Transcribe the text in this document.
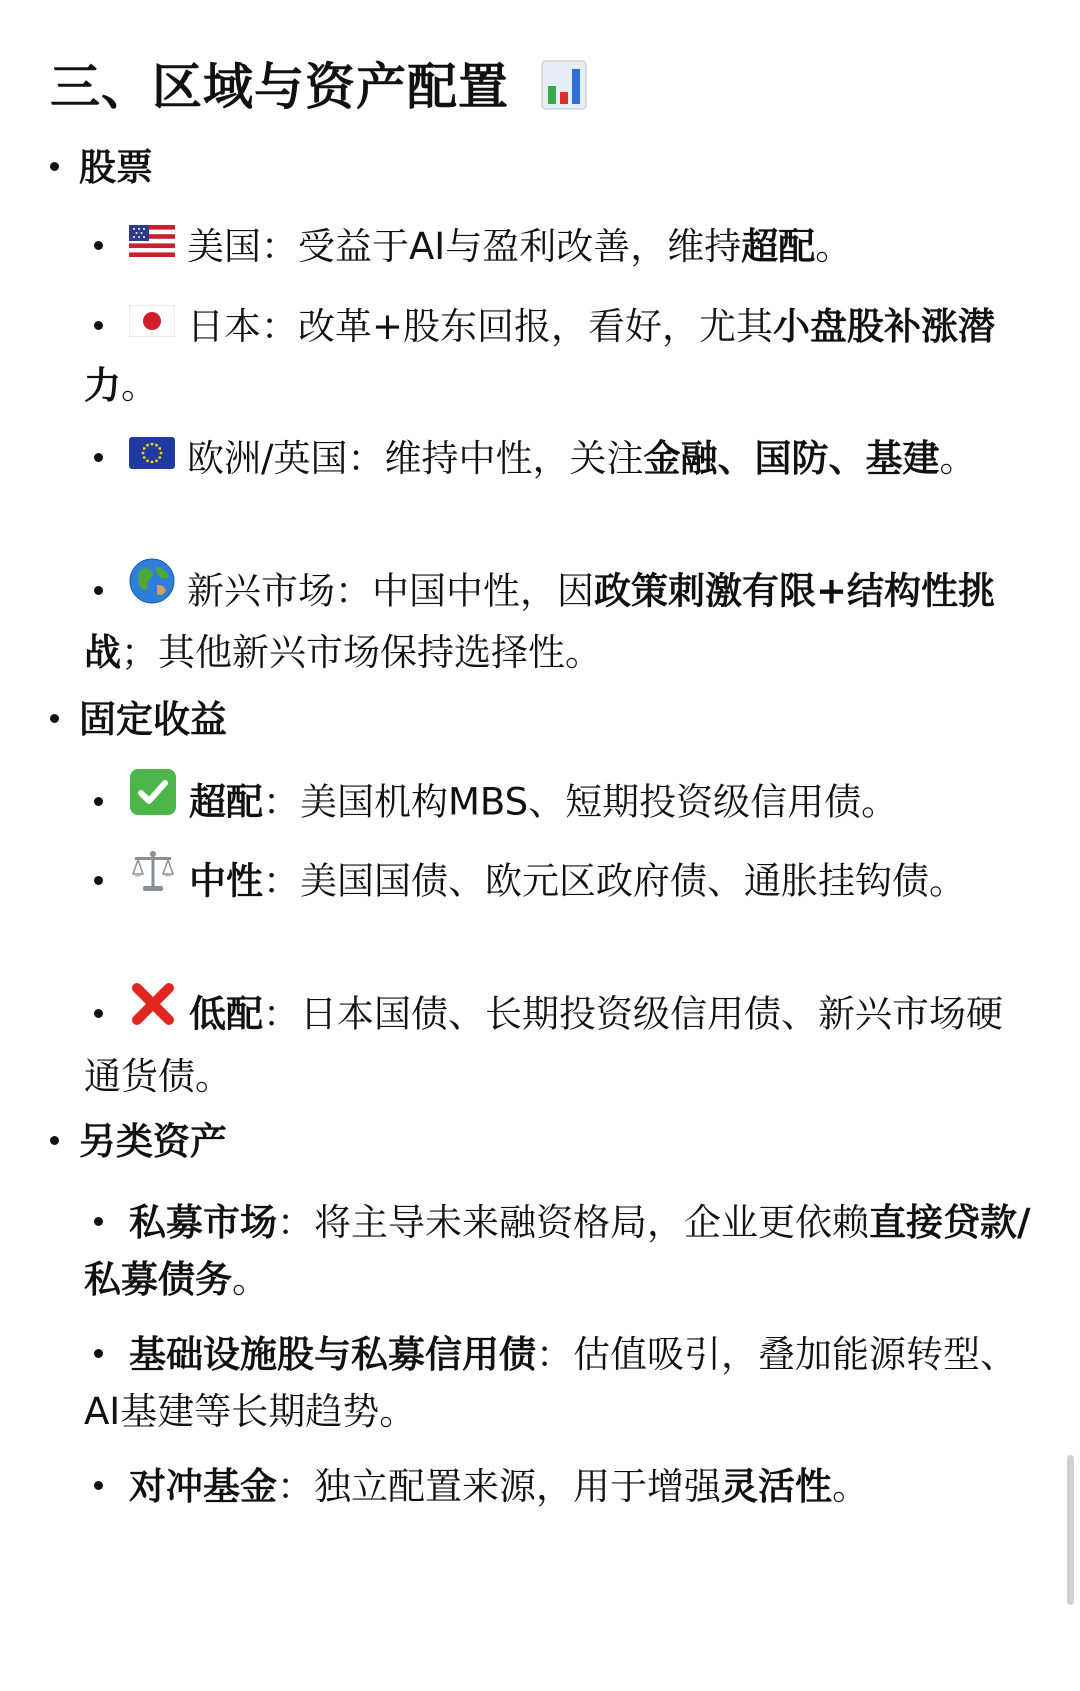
三、区域与资产配置
股票
美国：受益于AI与盈利改善，维持超配。
日本：改革+股东回报，看好，尤其小盘股补涨潜力。
欧洲/英国：维持中性，关注金融、国防、基建。
新兴市场：中国中性，因政策刺激有限+结构性挑战；其他新兴市场保持选择性。
固定收益
超配：美国机构MBS、短期投资级信用债。
中性：美国国债、欧元区政府债、通胀挂钩债。
低配：日本国债、长期投资级信用债、新兴市场硬通货债。
另类资产
私募市场：将主导未来融资格局，企业更依赖直接贷款/私募债务。
基础设施股与私募信用债：估值吸引，叠加能源转型、AI基建等长期趋势。
对冲基金：独立配置来源，用于增强灵活性。
